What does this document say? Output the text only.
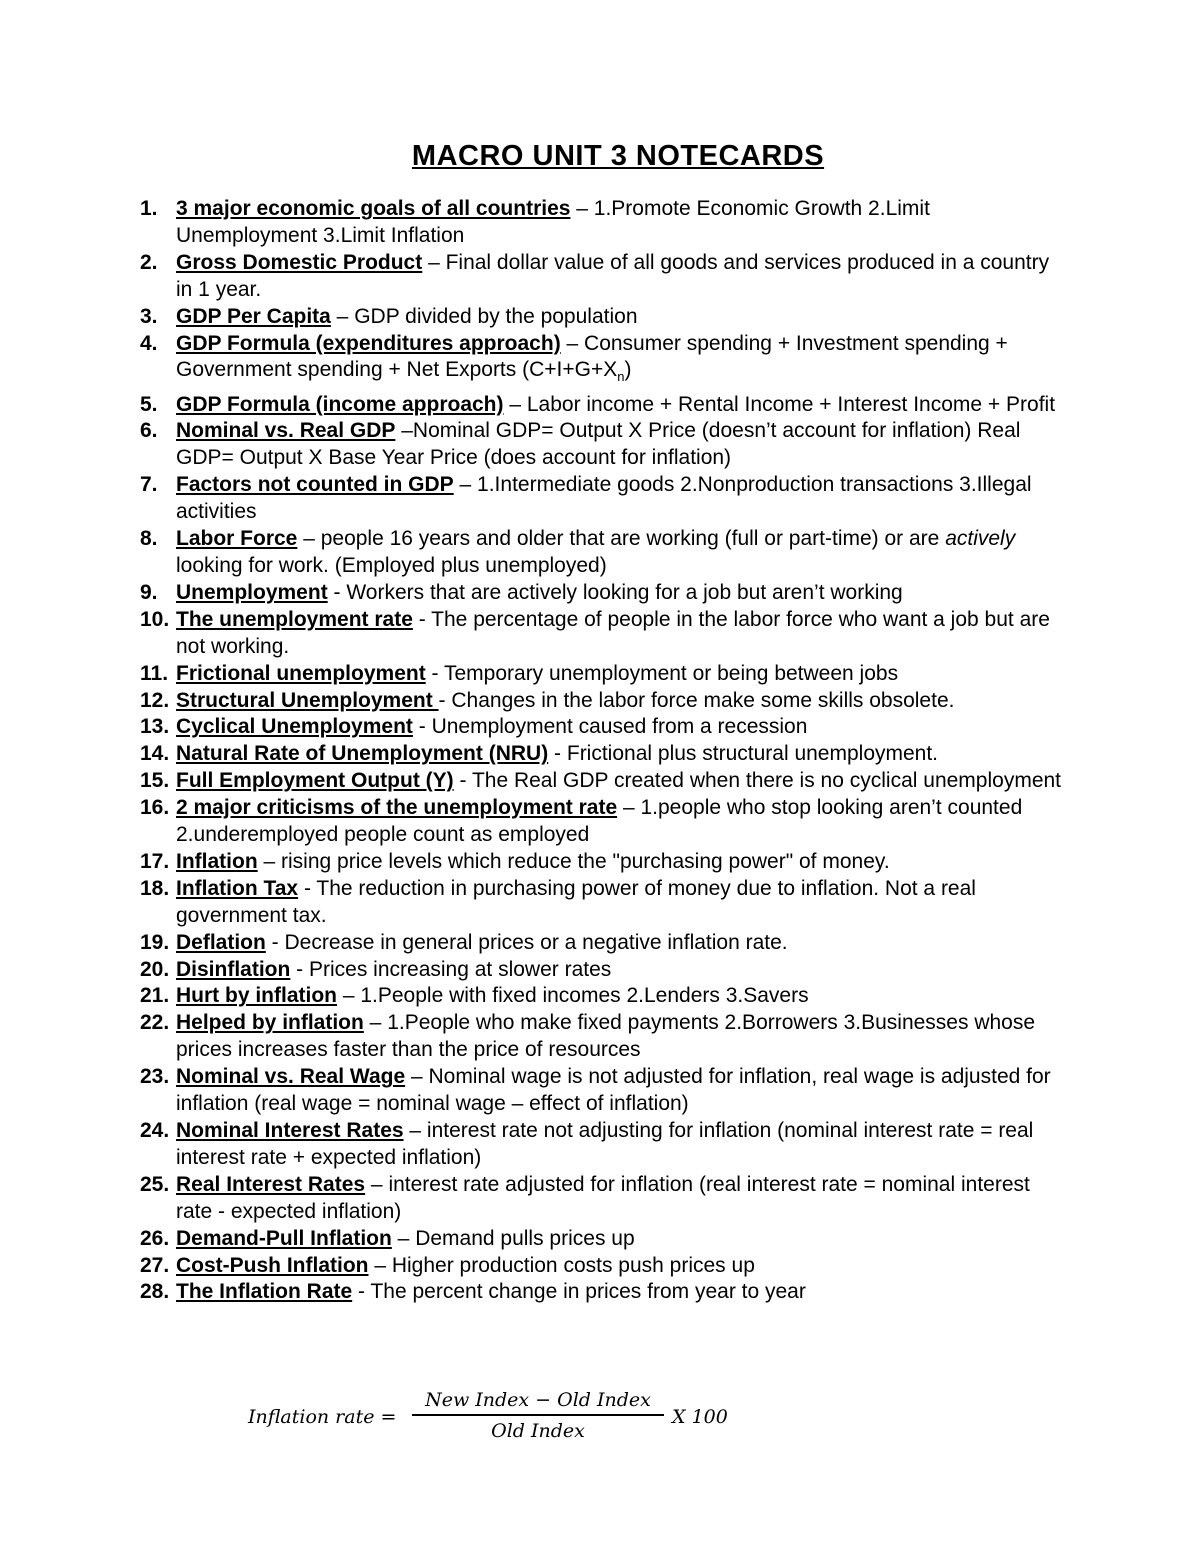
MACRO UNIT 3 NOTECARDS
1. 3 major economic goals of all countries – 1.Promote Economic Growth 2.Limit Unemployment 3.Limit Inflation
2. Gross Domestic Product – Final dollar value of all goods and services produced in a country in 1 year.
3. GDP Per Capita – GDP divided by the population
4. GDP Formula (expenditures approach) – Consumer spending + Investment spending + Government spending + Net Exports $(C+I+G+X_n)$
5. GDP Formula (income approach) – Labor income + Rental Income + Interest Income + Profit
6. Nominal vs. Real GDP –Nominal GDP= Output X Price (doesn’t account for inflation) Real GDP= Output X Base Year Price (does account for inflation)
7. Factors not counted in GDP – 1.Intermediate goods 2.Nonproduction transactions 3.Illegal activities
8. Labor Force – people 16 years and older that are working (full or part-time) or are actively looking for work. (Employed plus unemployed)
9. Unemployment - Workers that are actively looking for a job but aren’t working
10. The unemployment rate - The percentage of people in the labor force who want a job but are not working.
11. Frictional unemployment - Temporary unemployment or being between jobs
12. Structural Unemployment - Changes in the labor force make some skills obsolete.
13. Cyclical Unemployment - Unemployment caused from a recession
14. Natural Rate of Unemployment (NRU) - Frictional plus structural unemployment.
15. Full Employment Output (Y) - The Real GDP created when there is no cyclical unemployment
16. 2 major criticisms of the unemployment rate – 1.people who stop looking aren’t counted 2.underemployed people count as employed
17. Inflation – rising price levels which reduce the "purchasing power" of money.
18. Inflation Tax - The reduction in purchasing power of money due to inflation. Not a real government tax.
19. Deflation - Decrease in general prices or a negative inflation rate.
20. Disinflation - Prices increasing at slower rates
21. Hurt by inflation – 1.People with fixed incomes 2.Lenders 3.Savers
22. Helped by inflation – 1.People who make fixed payments 2.Borrowers 3.Businesses whose prices increases faster than the price of resources
23. Nominal vs. Real Wage – Nominal wage is not adjusted for inflation, real wage is adjusted for inflation (real wage = nominal wage – effect of inflation)
24. Nominal Interest Rates – interest rate not adjusting for inflation (nominal interest rate = real interest rate + expected inflation)
25. Real Interest Rates – interest rate adjusted for inflation (real interest rate = nominal interest rate - expected inflation)
26. Demand-Pull Inflation – Demand pulls prices up
27. Cost-Push Inflation – Higher production costs push prices up
28. The Inflation Rate - The percent change in prices from year to year
Inflation rate =
New Index − Old Index
Old Index
X 100
